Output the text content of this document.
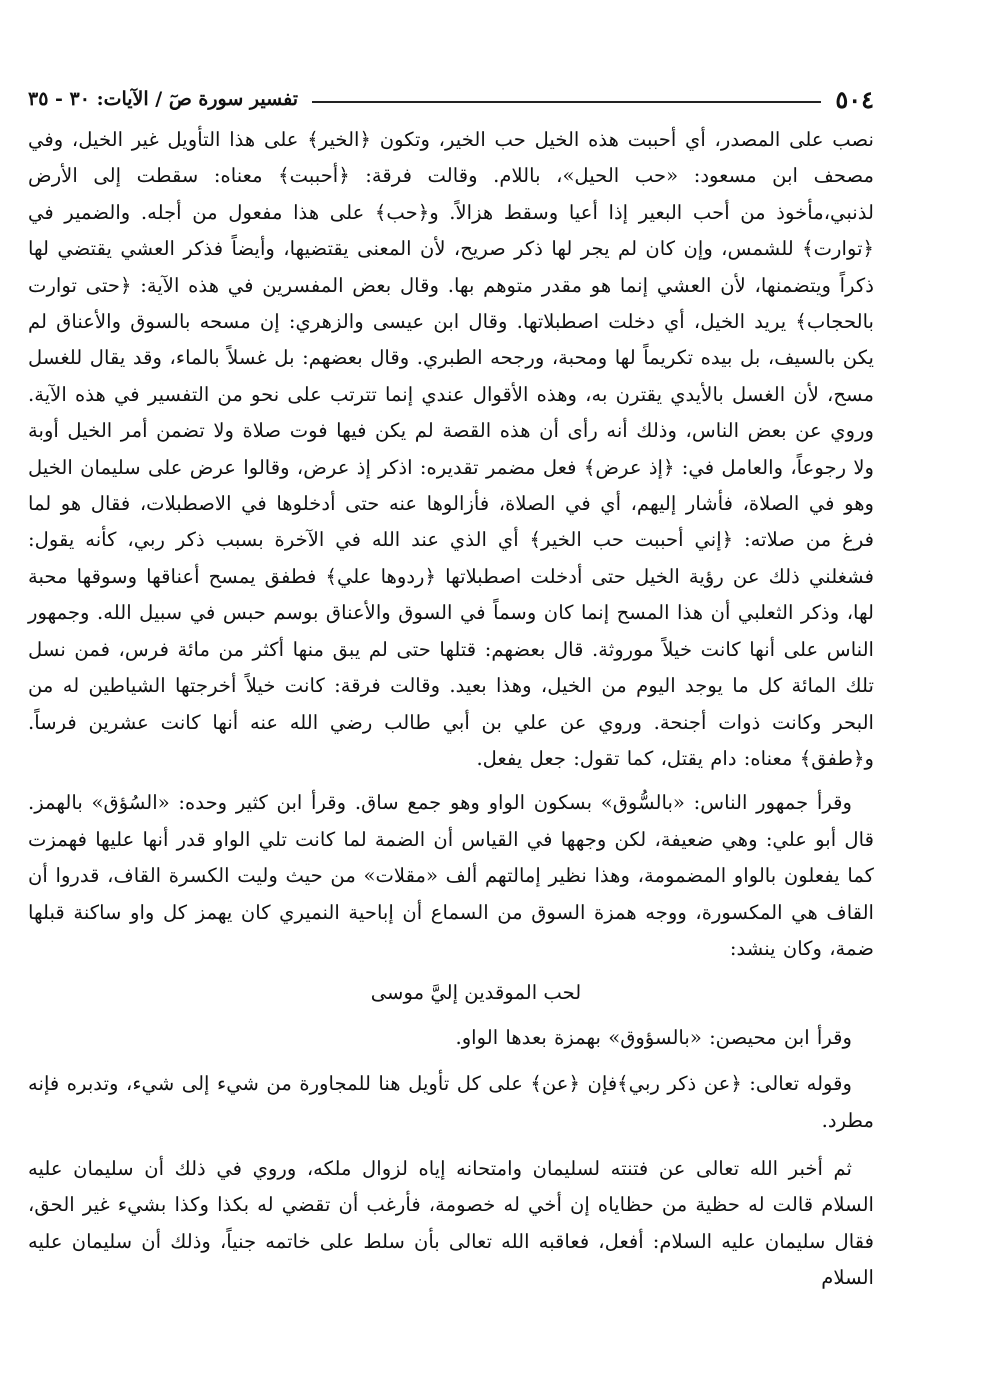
٥٠٤
تفسير سورة صٓ / الآيات: ٣٠ - ٣٥

نصب على المصدر، أي أحببت هذه الخيل حب الخير، وتكون ﴿الخير﴾ على هذا التأويل غير الخيل، وفي مصحف ابن مسعود: «حب الحيل»، باللام. وقالت فرقة: ﴿أحببت﴾ معناه: سقطت إلى الأرض لذنبي،مأخوذ من أحب البعير إذا أعيا وسقط هزالاً. و﴿حب﴾ على هذا مفعول من أجله. والضمير في ﴿توارت﴾ للشمس، وإن كان لم يجر لها ذكر صريح، لأن المعنى يقتضيها، وأيضاً فذكر العشي يقتضي لها ذكراً ويتضمنها، لأن العشي إنما هو مقدر متوهم بها. وقال بعض المفسرين في هذه الآية: ﴿حتى توارت بالحجاب﴾ يريد الخيل، أي دخلت اصطبلاتها. وقال ابن عيسى والزهري: إن مسحه بالسوق والأعناق لم يكن بالسيف، بل بيده تكريماً لها ومحبة، ورجحه الطبري. وقال بعضهم: بل غسلاً بالماء، وقد يقال للغسل مسح، لأن الغسل بالأيدي يقترن به، وهذه الأقوال عندي إنما تترتب على نحو من التفسير في هذه الآية. وروي عن بعض الناس، وذلك أنه رأى أن هذه القصة لم يكن فيها فوت صلاة ولا تضمن أمر الخيل أوبة ولا رجوعاً، والعامل في: ﴿إذ عرض﴾ فعل مضمر تقديره: اذكر إذ عرض، وقالوا عرض على سليمان الخيل وهو في الصلاة، فأشار إليهم، أي في الصلاة، فأزالوها عنه حتى أدخلوها في الاصطبلات، فقال هو لما فرغ من صلاته: ﴿إني أحببت حب الخير﴾ أي الذي عند الله في الآخرة بسبب ذكر ربي، كأنه يقول: فشغلني ذلك عن رؤية الخيل حتى أدخلت اصطبلاتها ﴿ردوها علي﴾ فطفق يمسح أعناقها وسوقها محبة لها، وذكر الثعلبي أن هذا المسح إنما كان وسماً في السوق والأعناق بوسم حبس في سبيل الله. وجمهور الناس على أنها كانت خيلاً موروثة. قال بعضهم: قتلها حتى لم يبق منها أكثر من مائة فرس، فمن نسل تلك المائة كل ما يوجد اليوم من الخيل، وهذا بعيد. وقالت فرقة: كانت خيلاً أخرجتها الشياطين له من البحر وكانت ذوات أجنحة. وروي عن علي بن أبي طالب رضي الله عنه أنها كانت عشرين فرساً. و﴿طفق﴾ معناه: دام يقتل، كما تقول: جعل يفعل.

وقرأ جمهور الناس: «بالسُّوق» بسكون الواو وهو جمع ساق. وقرأ ابن كثير وحده: «السُؤق» بالهمز. قال أبو علي: وهي ضعيفة، لكن وجهها في القياس أن الضمة لما كانت تلي الواو قدر أنها عليها فهمزت كما يفعلون بالواو المضمومة، وهذا نظير إمالتهم ألف «مقلات» من حيث وليت الكسرة القاف، قدروا أن القاف هي المكسورة، ووجه همزة السوق من السماع أن إباحية النميري كان يهمز كل واو ساكنة قبلها ضمة، وكان ينشد:

لحب الموقدين إليَّ موسى

وقرأ ابن محيصن: «بالسؤوق» بهمزة بعدها الواو.

وقوله تعالى: ﴿عن ذكر ربي﴾فإن ﴿عن﴾ على كل تأويل هنا للمجاورة من شيء إلى شيء، وتدبره فإنه مطرد.

ثم أخبر الله تعالى عن فتنته لسليمان وامتحانه إياه لزوال ملكه، وروي في ذلك أن سليمان عليه السلام قالت له حظية من حظاياه إن أخي له خصومة، فأرغب أن تقضي له بكذا وكذا بشيء غير الحق، فقال سليمان عليه السلام: أفعل، فعاقبه الله تعالى بأن سلط على خاتمه جنياً، وذلك أن سليمان عليه السلام
